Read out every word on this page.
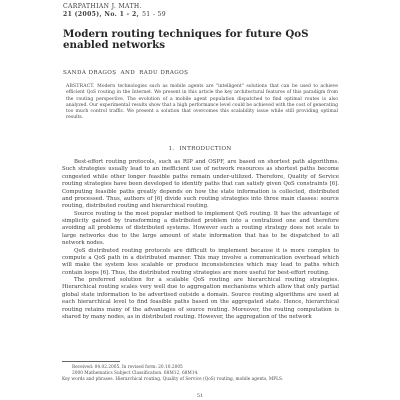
CARPATHIAN J. MATH.
21 (2005), No. 1 - 2, 51 - 59
Modern routing techniques for future QoS enabled networks
SANDA DRAGOȘ AND RADU DRAGOȘ

ABSTRACT. Modern technologies such as mobile agents are "intelligent" solutions that can be used to achieve efficient QoS routing in the Internet. We present in this article the key architectural features of this paradigm from the routing perspective. The evolution of a mobile agent population dispatched to find optimal routes is also analyzed. Our experimental results show that a high performance level could be achieved with the cost of generating too much control traffic. We present a solution that overcomes this scalability issue while still providing optimal results.

1. INTRODUCTION

Best-effort routing protocols, such as RIP and OSPF, are based on shortest path algorithms. Such strategies usually lead to an inefficient use of network resources as shortest paths become congested while other longer feasible paths remain under-utilized. Therefore, Quality of Service routing strategies have been developed to identify paths that can satisfy given QoS constraints [6]. Computing feasible paths greatly depends on how the state information is collected, distributed and processed. Thus, authors of [6] divide such routing strategies into three main classes: source routing, distributed routing and hierarchical routing.

Source routing is the most popular method to implement QoS routing. It has the advantage of simplicity gained by transforming a distributed problem into a centralized one and therefore avoiding all problems of distributed systems. However such a routing strategy does not scale to large networks due to the large amount of state information that has to be dispatched to all network nodes.

QoS distributed routing protocols are difficult to implement because it is more complex to compute a QoS path in a distributed manner. This may involve a communication overhead which will make the system less scalable or produce inconsistencies which may lead to paths which contain loops [6]. Thus, the distributed routing strategies are more useful for best-effort routing.

The preferred solution for a scalable QoS routing are hierarchical routing strategies. Hierarchical routing scales very well due to aggregation mechanisms which allow that only partial global state information to be advertised outside a domain. Source routing algorithms are used at each hierarchical level to find feasible paths based on the aggregated state. Hence, hierarchical routing retains many of the advantages of source routing. Moreover, the routing computation is shared by many nodes, as in distributed routing. However, the aggregation of the network

Received: 04.02.2005. In revised form: 20.10.2005
2000 Mathematics Subject Classification. 68M12, 68M14.
Key words and phrases. Hierarchical routing, Quality of Service (QoS) routing, mobile agents, MPLS.
51
